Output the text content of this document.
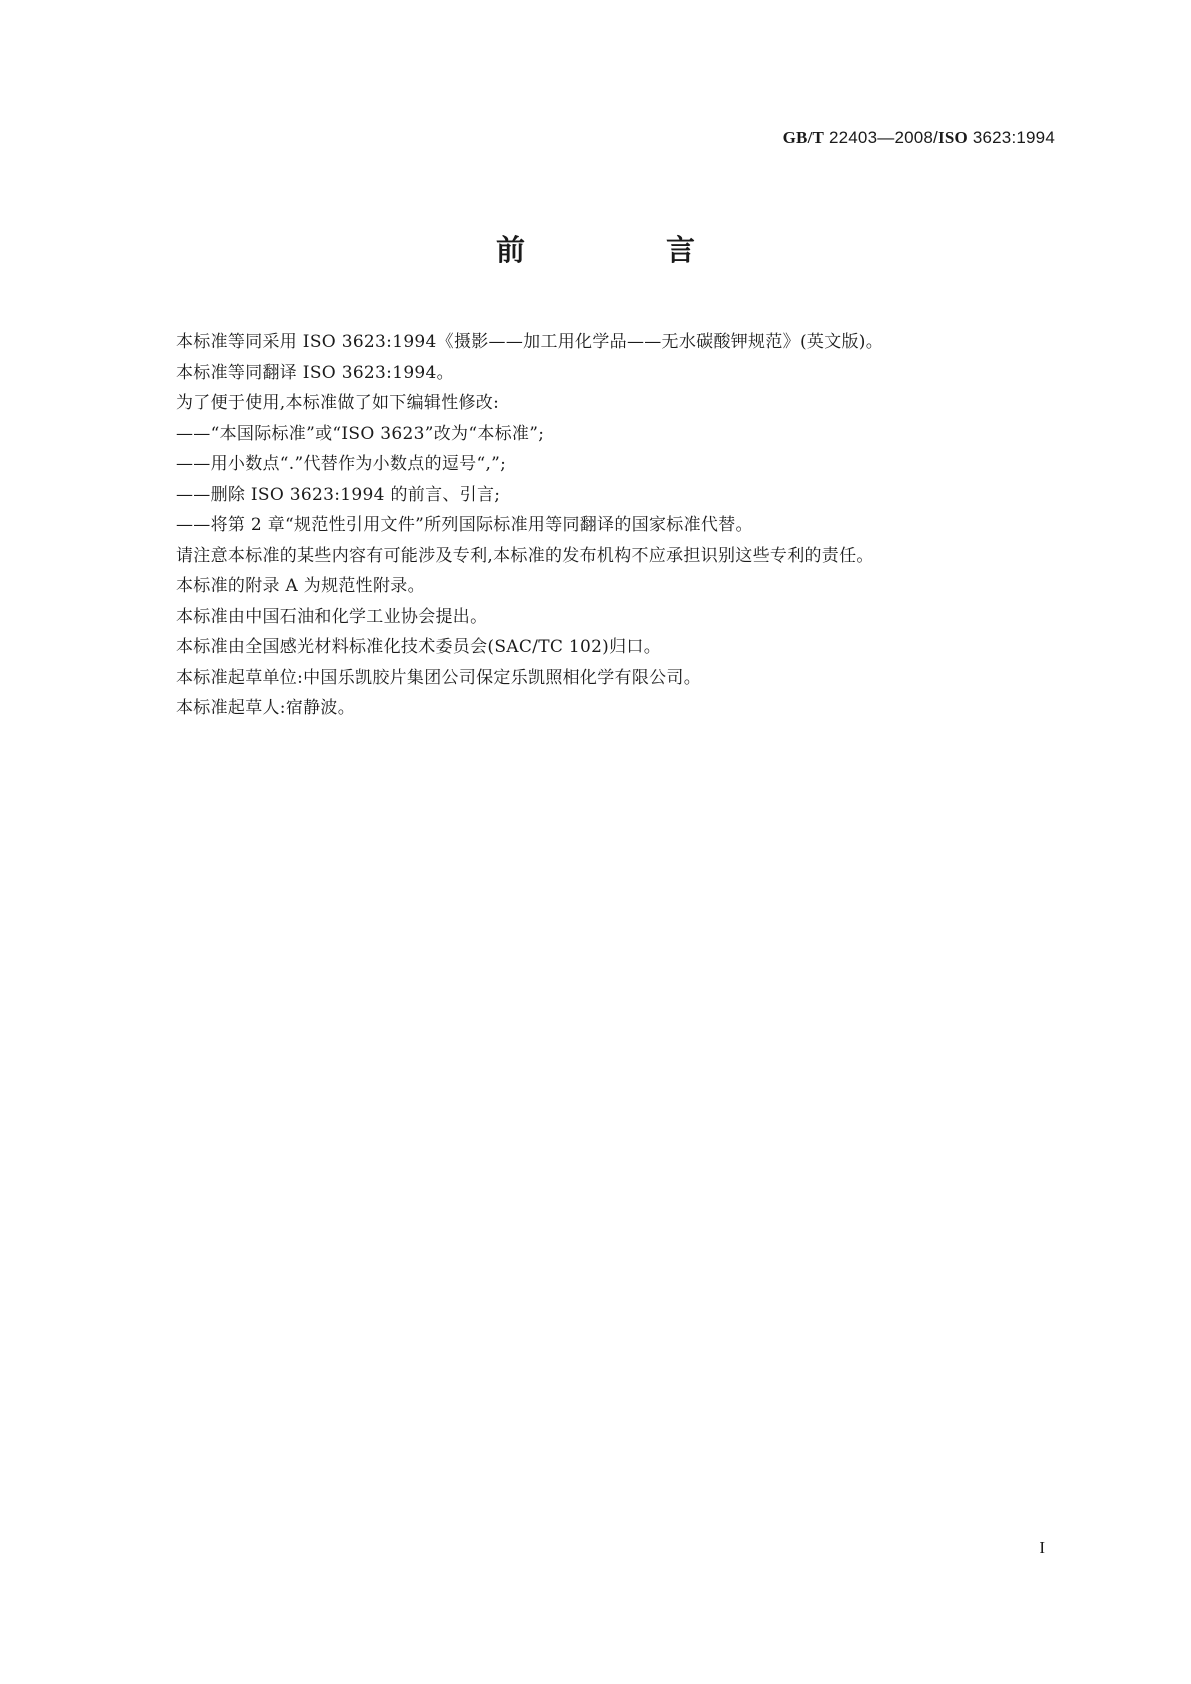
GB/T 22403—2008/ISO 3623:1994
前　言
本标准等同采用 ISO 3623:1994《摄影——加工用化学品——无水碳酸钾规范》(英文版)。
本标准等同翻译 ISO 3623:1994。
为了便于使用,本标准做了如下编辑性修改:
——“本国际标准”或“ISO 3623”改为“本标准”;
——用小数点“.”代替作为小数点的逗号“,”;
——删除 ISO 3623:1994 的前言、引言;
——将第 2 章“规范性引用文件”所列国际标准用等同翻译的国家标准代替。
请注意本标准的某些内容有可能涉及专利,本标准的发布机构不应承担识别这些专利的责任。
本标准的附录 A 为规范性附录。
本标准由中国石油和化学工业协会提出。
本标准由全国感光材料标准化技术委员会(SAC/TC 102)归口。
本标准起草单位:中国乐凯胶片集团公司保定乐凯照相化学有限公司。
本标准起草人:宿静波。
I
